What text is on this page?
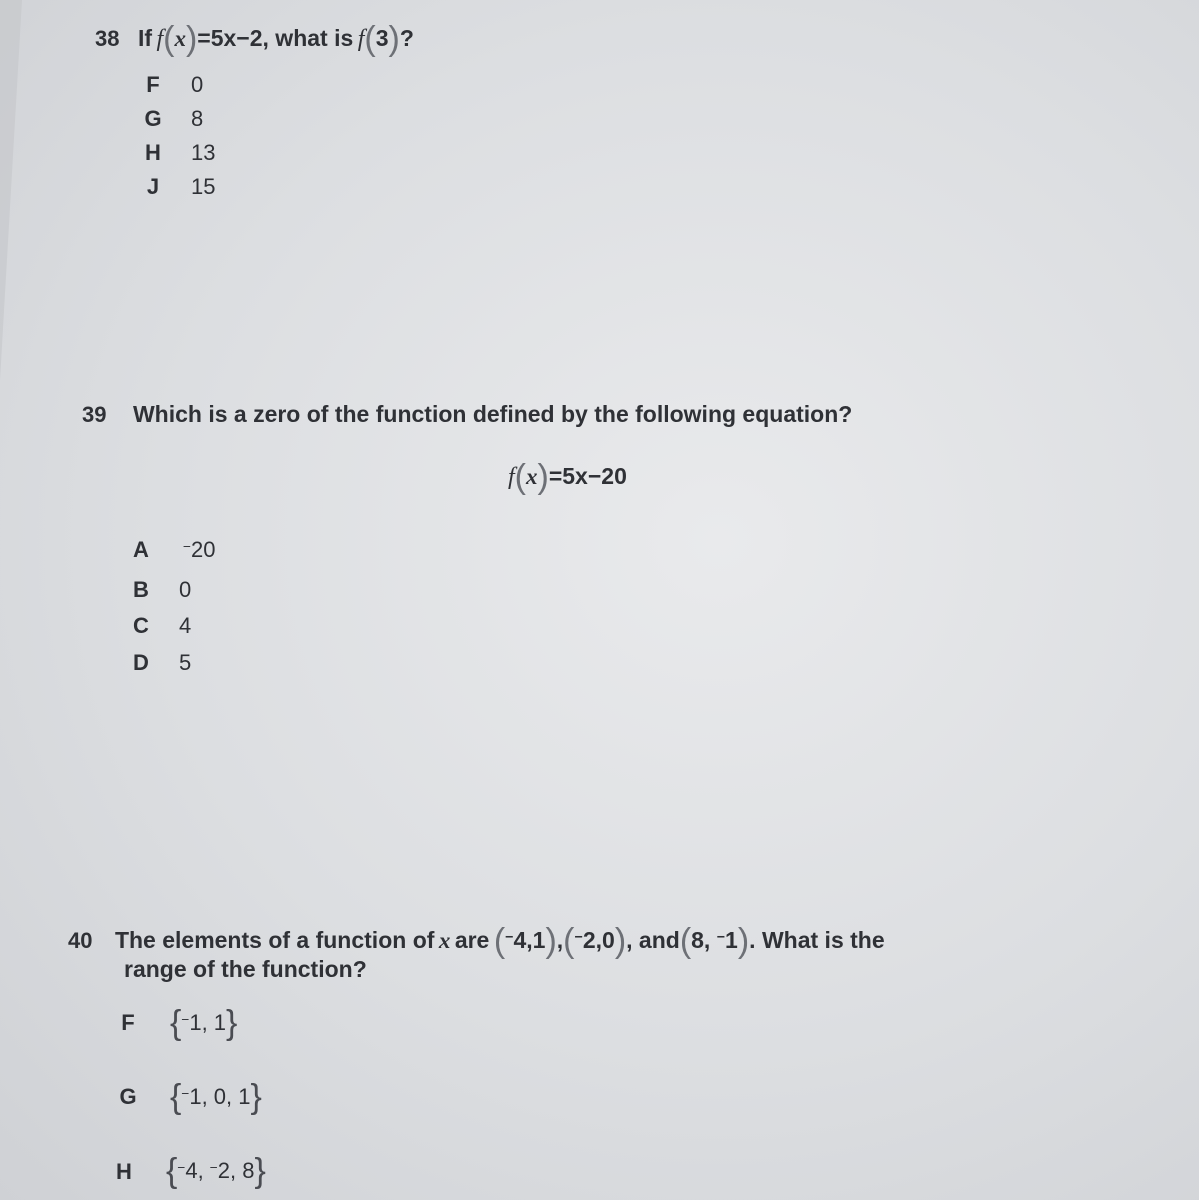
38 If f(x)=5x−2, what is f(3)?
F 0
G 8
H 13
J 15
39 Which is a zero of the function defined by the following equation?
f(x)=5x−20
A −20
B 0
C 4
D 5
40 The elements of a function of x are (−4,1),(−2,0), and(8, −1). What is the
range of the function?
F {−1, 1}
G {−1, 0, 1}
H {−4, −2, 8}
